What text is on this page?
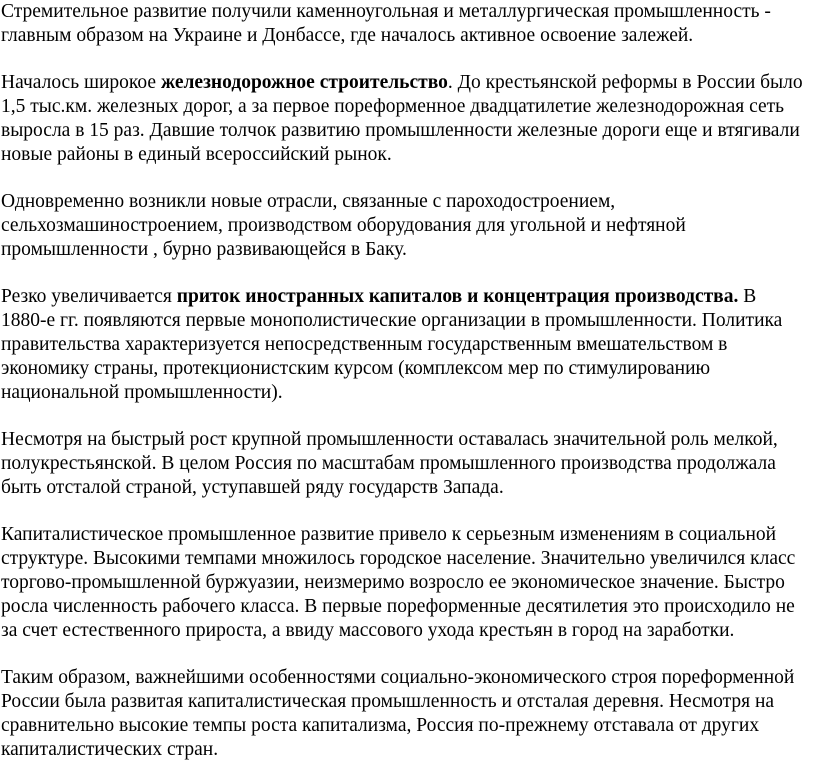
Стремительное развитие получили каменноугольная и металлургическая промышленность -
главным образом на Украине и Донбассе, где началось активное освоение залежей.
Началось широкое железнодорожное строительство. До крестьянской реформы в России было
1,5 тыс.км. железных дорог, а за первое пореформенное двадцатилетие железнодорожная сеть
выросла в 15 раз. Давшие толчок развитию промышленности железные дороги еще и втягивали
новые районы в единый всероссийский рынок.
Одновременно возникли новые отрасли, связанные с пароходостроением,
сельхозмашиностроением, производством оборудования для угольной и нефтяной
промышленности , бурно развивающейся в Баку.
Резко увеличивается приток иностранных капиталов и концентрация производства. В
1880-е гг. появляются первые монополистические организации в промышленности. Политика
правительства характеризуется непосредственным государственным вмешательством в
экономику страны, протекционистским курсом (комплексом мер по стимулированию
национальной промышленности).
Несмотря на быстрый рост крупной промышленности оставалась значительной роль мелкой,
полукрестьянской. В целом Россия по масштабам промышленного производства продолжала
быть отсталой страной, уступавшей ряду государств Запада.
Капиталистическое промышленное развитие привело к серьезным изменениям в социальной
структуре. Высокими темпами множилось городское население. Значительно увеличился класс
торгово-промышленной буржуазии, неизмеримо возросло ее экономическое значение. Быстро
росла численность рабочего класса. В первые пореформенные десятилетия это происходило не
за счет естественного прироста, а ввиду массового ухода крестьян в город на заработки.
Таким образом, важнейшими особенностями социально-экономического строя пореформенной
России была развитая капиталистическая промышленность и отсталая деревня. Несмотря на
сравнительно высокие темпы роста капитализма, Россия по-прежнему отставала от других
капиталистических стран.
